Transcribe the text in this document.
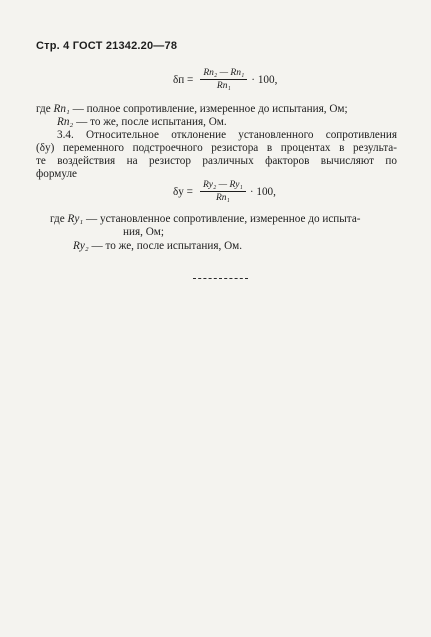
Стр. 4 ГОСТ 21342.20—78
$\delta п = \frac{\text{Rп₂ — Rп₁}}{\text{Rп₁}} \cdot 100$,
где Rп₁ — полное сопротивление, измеренное до испытания, Ом;
Rп₂ — то же, после испытания, Ом.
3.4. Относительное отклонение установленного сопротивления
(δу) переменного подстроечного резистора в процентах в результа-
те воздействия на резистор различных факторов вычисляют по
формуле
$\delta у = \frac{\text{Rу₂ — Rу₁}}{\text{Rп₁}} \cdot 100$,
где Rу₁ — установленное сопротивление, измеренное до испыта-
ния, Ом;
Rу₂ — то же, после испытания, Ом.
